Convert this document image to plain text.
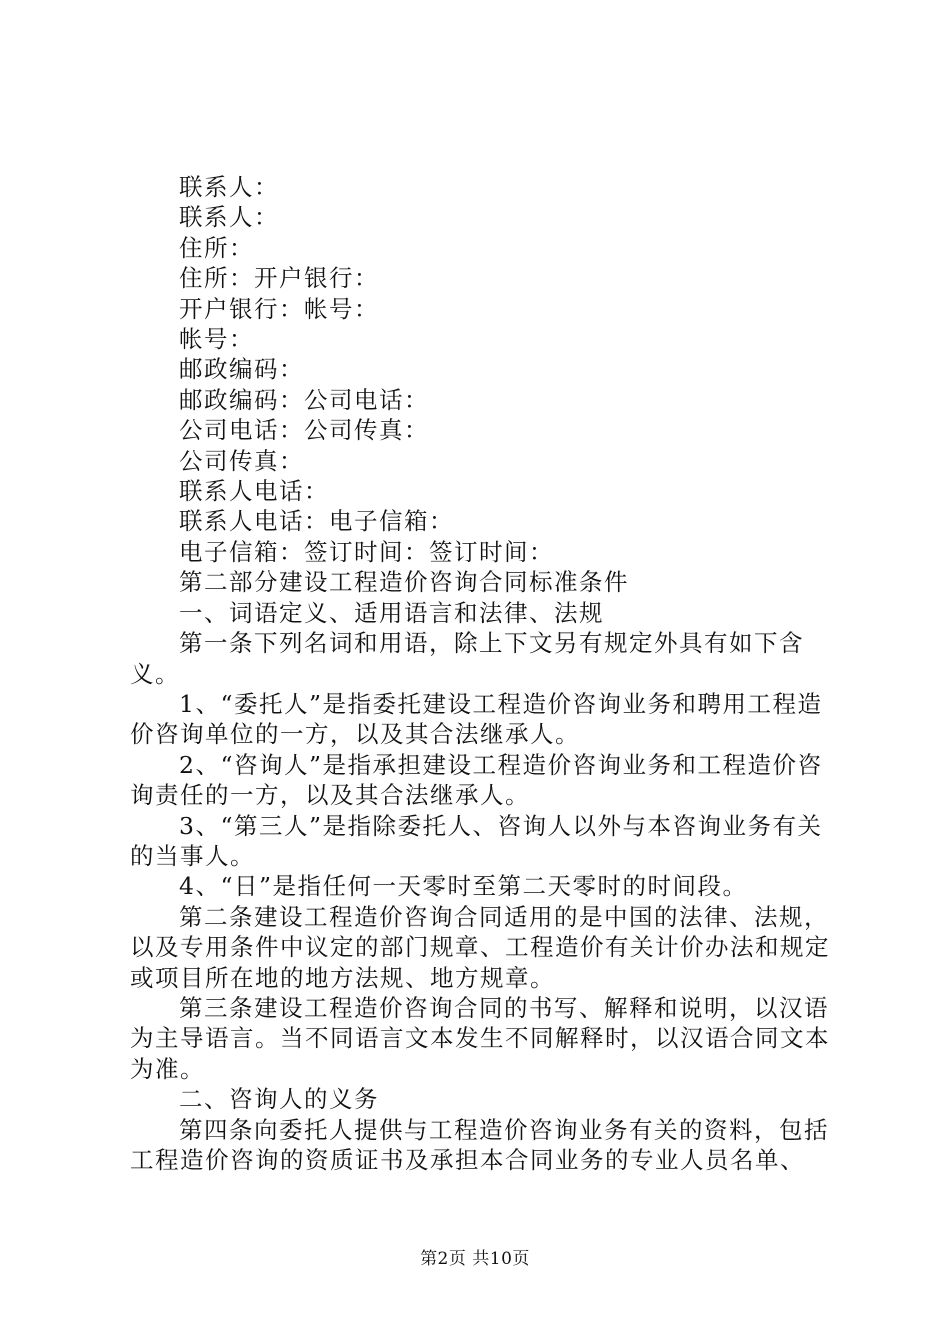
联系人：

联系人：

住所：

住所：开户银行：

开户银行：帐号：

帐号：

邮政编码：

邮政编码：公司电话：

公司电话：公司传真：

公司传真：

联系人电话：

联系人电话：电子信箱：

电子信箱：签订时间：签订时间：

第二部分建设工程造价咨询合同标准条件

一、词语定义、适用语言和法律、法规

第一条下列名词和用语，除上下文另有规定外具有如下含义。

1、“委托人”是指委托建设工程造价咨询业务和聘用工程造价咨询单位的一方，以及其合法继承人。

2、“咨询人”是指承担建设工程造价咨询业务和工程造价咨询责任的一方，以及其合法继承人。

3、“第三人”是指除委托人、咨询人以外与本咨询业务有关的当事人。

4、“日”是指任何一天零时至第二天零时的时间段。

第二条建设工程造价咨询合同适用的是中国的法律、法规，以及专用条件中议定的部门规章、工程造价有关计价办法和规定或项目所在地的地方法规、地方规章。

第三条建设工程造价咨询合同的书写、解释和说明，以汉语为主导语言。当不同语言文本发生不同解释时，以汉语合同文本为准。

二、咨询人的义务

第四条向委托人提供与工程造价咨询业务有关的资料，包括工程造价咨询的资质证书及承担本合同业务的专业人员名单、

第2页 共10页
